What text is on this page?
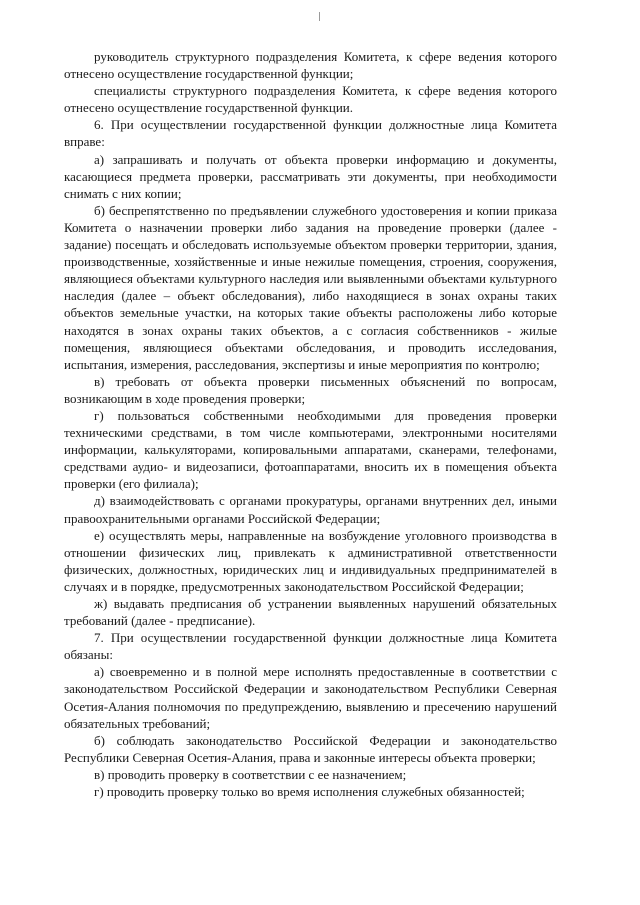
руководитель структурного подразделения Комитета, к сфере ведения которого отнесено осуществление государственной функции;

специалисты структурного подразделения Комитета, к сфере ведения которого отнесено осуществление государственной функции.

6. При осуществлении государственной функции должностные лица Комитета вправе:

а) запрашивать и получать от объекта проверки информацию и документы, касающиеся предмета проверки, рассматривать эти документы, при необходимости снимать с них копии;

б) беспрепятственно по предъявлении служебного удостоверения и копии приказа Комитета о назначении проверки либо задания на проведение проверки (далее - задание) посещать и обследовать используемые объектом проверки территории, здания, производственные, хозяйственные и иные нежилые помещения, строения, сооружения, являющиеся объектами культурного наследия или выявленными объектами культурного наследия (далее – объект обследования), либо находящиеся в зонах охраны таких объектов земельные участки, на которых такие объекты расположены либо которые находятся в зонах охраны таких объектов, а с согласия собственников - жилые помещения, являющиеся объектами обследования, и проводить исследования, испытания, измерения, расследования, экспертизы и иные мероприятия по контролю;

в) требовать от объекта проверки письменных объяснений по вопросам, возникающим в ходе проведения проверки;

г) пользоваться собственными необходимыми для проведения проверки техническими средствами, в том числе компьютерами, электронными носителями информации, калькуляторами, копировальными аппаратами, сканерами, телефонами, средствами аудио- и видеозаписи, фотоаппаратами, вносить их в помещения объекта проверки (его филиала);

д) взаимодействовать с органами прокуратуры, органами внутренних дел, иными правоохранительными органами Российской Федерации;

е) осуществлять меры, направленные на возбуждение уголовного производства в отношении физических лиц, привлекать к административной ответственности физических, должностных, юридических лиц и индивидуальных предпринимателей в случаях и в порядке, предусмотренных законодательством Российской Федерации;

ж) выдавать предписания об устранении выявленных нарушений обязательных требований (далее - предписание).

7. При осуществлении государственной функции должностные лица Комитета обязаны:

а) своевременно и в полной мере исполнять предоставленные в соответствии с законодательством Российской Федерации и законодательством Республики Северная Осетия-Алания полномочия по предупреждению, выявлению и пресечению нарушений обязательных требований;

б) соблюдать законодательство Российской Федерации и законодательство Республики Северная Осетия-Алания, права и законные интересы объекта проверки;

в) проводить проверку в соответствии с ее назначением;

г) проводить проверку только во время исполнения служебных обязанностей;
